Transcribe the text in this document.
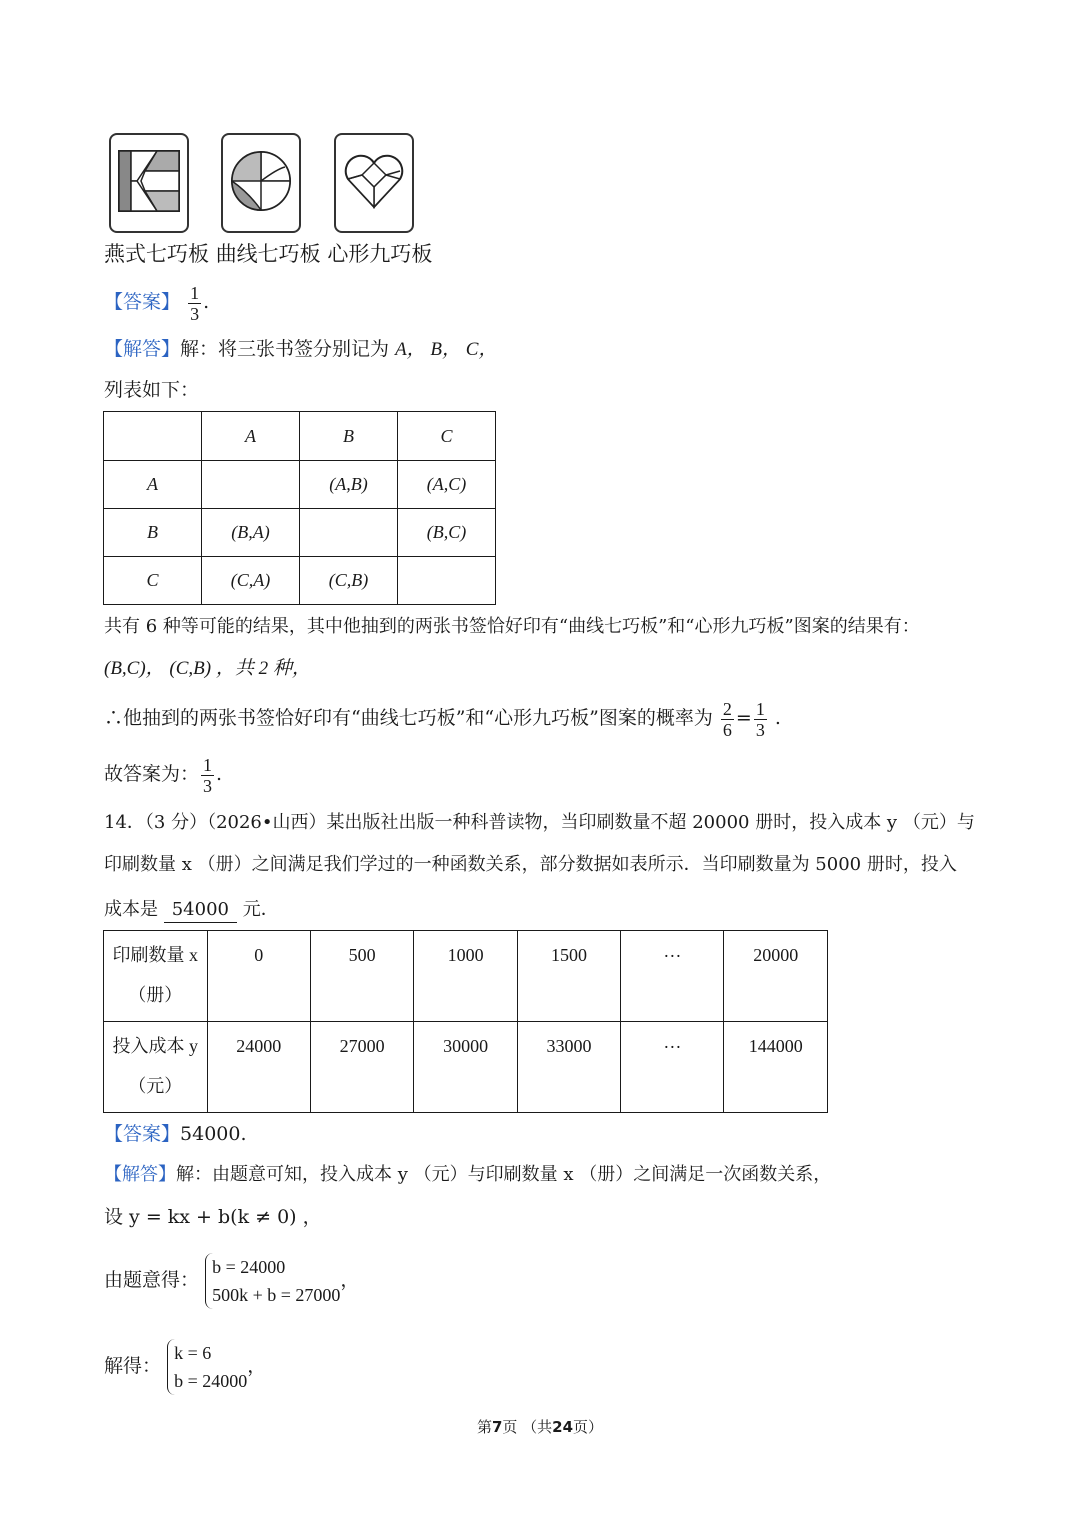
燕式七巧板 曲线七巧板 心形九巧板
【答案】 $\frac{1}{3}$ .
【解答】解：将三张书签分别记为 A， B， C，
列表如下：
	A	B	C
A		(A,B)	(A,C)
B	(B,A)		(B,C)
C	(C,A)	(C,B)	
共有 6 种等可能的结果，其中他抽到的两张书签恰好印有“曲线七巧板”和“心形九巧板”图案的结果有：
(B,C)， (C,B) ，共 2 种，
∴他抽到的两张书签恰好印有“曲线七巧板”和“心形九巧板”图案的概率为 $\frac{2}{6} = \frac{1}{3}$ .
故答案为： $\frac{1}{3}$ .
14．（3 分）（2026•山西）某出版社出版一种科普读物，当印刷数量不超 20000 册时，投入成本 y （元）与
印刷数量 x （册）之间满足我们学过的一种函数关系，部分数据如表所示．当印刷数量为 5000 册时，投入
成本是 54000 元．
印刷数量 x
（册）	0	500	1000	1500	…	20000

投入成本 y
（元）	24000	27000	30000	33000	…	144000
【答案】54000.
【解答】解：由题意可知，投入成本 y （元）与印刷数量 x （册）之间满足一次函数关系，
设 y = kx + b(k ≠ 0) ，
由题意得：
b = 24000
500k + b = 27000
，
解得：
k = 6
b = 24000
，
第7页 （共24页）
